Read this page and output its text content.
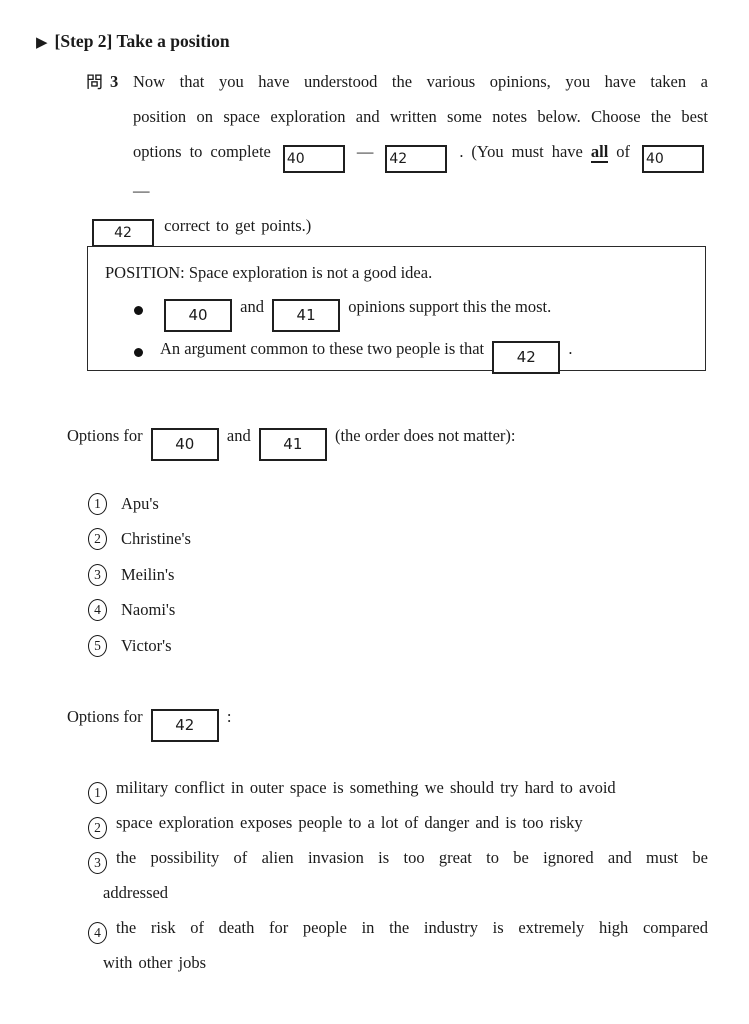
▶ [Step 2] Take a position
3 Now that you have understood the various opinions, you have taken a
position on space exploration and written some notes below. Choose the best
options to complete 40	— 42	. (You must have all of 40 —
42 correct to get points.)
POSITION: Space exploration is not a good idea.
40 and 41 opinions support this the most.
An argument common to these two people is that 42 .
Options for 40 and 41 (the order does not matter):
1	Apu's
2	Christine's
3	Meilin's
4	Naomi's
5	Victor's
Options for 42 :
1 military conflict in outer space is something we should try hard to avoid
2 space exploration exposes people to a lot of danger and is too risky
3 the possibility of alien invasion is too great to be ignored and must be
addressed
4 the risk of death for people in the industry is extremely high compared
with other jobs
